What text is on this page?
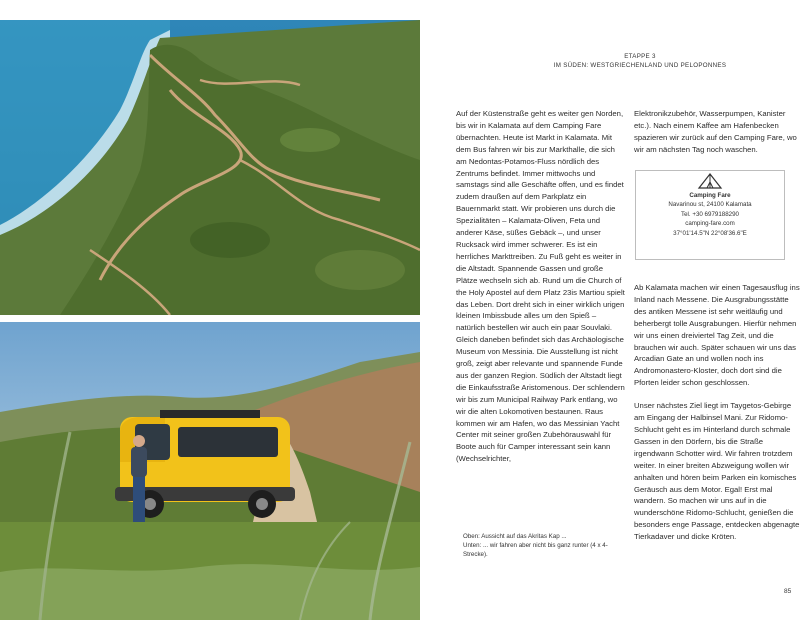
ETAPPE 3
IM SÜDEN: WESTGRIECHENLAND UND PELOPONNES

Auf der Küstenstraße geht es weiter gen Norden, bis wir in Kalamata auf dem Camping Fare übernachten. Heute ist Markt in Kalamata. Mit dem Bus fahren wir bis zur Markthalle, die sich am Nedontas-Potamos-Fluss nördlich des Zentrums befindet. Immer mittwochs und samstags sind alle Geschäfte offen, und es findet zudem draußen auf dem Parkplatz ein Bauernmarkt statt. Wir probieren uns durch die Spezialitäten – Kalamata-Oliven, Feta und anderer Käse, süßes Gebäck –, und unser Rucksack wird immer schwerer. Es ist ein herrliches Markttreiben. Zu Fuß geht es weiter in die Altstadt. Spannende Gassen und große Plätze wechseln sich ab. Rund um die Church of the Holy Apostel auf dem Platz 23is Martiou spielt das Leben. Dort dreht sich in einer wirklich urigen kleinen Imbissbude alles um den Spieß – natürlich bestellen wir auch ein paar Souvlaki. Gleich daneben befindet sich das Archäologische Museum von Messinia. Die Ausstellung ist nicht groß, zeigt aber relevante und spannende Funde aus der ganzen Region. Südlich der Altstadt liegt die Einkaufsstraße Aristomenous. Der schlendern wir bis zum Municipal Railway Park entlang, wo wir die alten Lokomotiven bestaunen. Raus kommen wir am Hafen, wo das Messinian Yacht Center mit seiner großen Zubehörauswahl für Boote auch für Camper interessant sein kann (Wechselrichter,

Elektronikzubehör, Wasserpumpen, Kanister etc.). Nach einem Kaffee am Hafenbecken spazieren wir zurück auf den Camping Fare, wo wir am nächsten Tag noch waschen.

Camping Fare
Navarinou st, 24100 Kalamata
Tel. +30 6979188290
camping-fare.com
37°01'14.5"N 22°08'36.6"E

Ab Kalamata machen wir einen Tagesausflug ins Inland nach Messene. Die Ausgrabungsstätte des antiken Messene ist sehr weitläufig und beherbergt tolle Ausgrabungen. Hierfür nehmen wir uns einen dreiviertel Tag Zeit, und die brauchen wir auch. Später schauen wir uns das Arcadian Gate an und wollen noch ins Andromonastero-Kloster, doch dort sind die Pforten leider schon geschlossen.

Unser nächstes Ziel liegt im Taygetos-Gebirge am Eingang der Halbinsel Mani. Zur Ridomo-Schlucht geht es im Hinterland durch schmale Gassen in den Dörfern, bis die Straße irgendwann Schotter wird. Wir fahren trotzdem weiter. In einer breiten Abzweigung wollen wir anhalten und hören beim Parken ein komisches Geräusch aus dem Motor. Egal! Erst mal wandern. So machen wir uns auf in die wunderschöne Ridomo-Schlucht, genießen die besonders enge Passage, entdecken abgenagte Tierkadaver und dicke Kröten.

Oben: Aussicht auf das Akritas Kap ...
Unten: ... wir fahren aber nicht bis ganz runter (4 x 4-Strecke).
85
